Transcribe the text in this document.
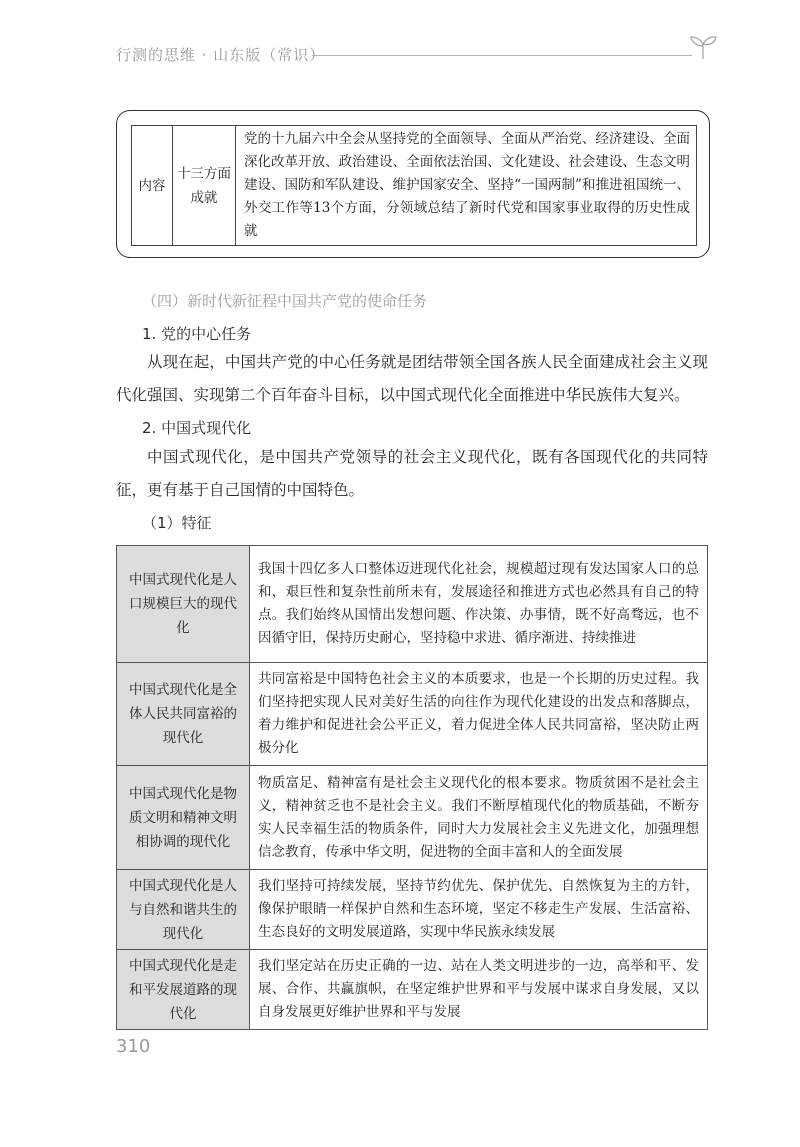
行测的思维 · 山东版（常识）
内容	十三方面成就	党的十九届六中全会从坚持党的全面领导、全面从严治党、经济建设、全面深化改革开放、政治建设、全面依法治国、文化建设、社会建设、生态文明建设、国防和军队建设、维护国家安全、坚持“一国两制”和推进祖国统一、外交工作等13个方面，分领域总结了新时代党和国家事业取得的历史性成就
（四）新时代新征程中国共产党的使命任务
1. 党的中心任务
从现在起，中国共产党的中心任务就是团结带领全国各族人民全面建成社会主义现代化强国、实现第二个百年奋斗目标，以中国式现代化全面推进中华民族伟大复兴。
2. 中国式现代化
中国式现代化，是中国共产党领导的社会主义现代化，既有各国现代化的共同特征，更有基于自己国情的中国特色。
（1）特征
中国式现代化是人口规模巨大的现代化	我国十四亿多人口整体迈进现代化社会，规模超过现有发达国家人口的总和，艰巨性和复杂性前所未有，发展途径和推进方式也必然具有自己的特点。我们始终从国情出发想问题、作决策、办事情，既不好高骛远，也不因循守旧，保持历史耐心，坚持稳中求进、循序渐进、持续推进
中国式现代化是全体人民共同富裕的现代化	共同富裕是中国特色社会主义的本质要求，也是一个长期的历史过程。我们坚持把实现人民对美好生活的向往作为现代化建设的出发点和落脚点，着力维护和促进社会公平正义，着力促进全体人民共同富裕，坚决防止两极分化
中国式现代化是物质文明和精神文明相协调的现代化	物质富足、精神富有是社会主义现代化的根本要求。物质贫困不是社会主义，精神贫乏也不是社会主义。我们不断厚植现代化的物质基础，不断夯实人民幸福生活的物质条件，同时大力发展社会主义先进文化，加强理想信念教育，传承中华文明，促进物的全面丰富和人的全面发展
中国式现代化是人与自然和谐共生的现代化	我们坚持可持续发展，坚持节约优先、保护优先、自然恢复为主的方针，像保护眼睛一样保护自然和生态环境，坚定不移走生产发展、生活富裕、生态良好的文明发展道路，实现中华民族永续发展
中国式现代化是走和平发展道路的现代化	我们坚定站在历史正确的一边、站在人类文明进步的一边，高举和平、发展、合作、共赢旗帜，在坚定维护世界和平与发展中谋求自身发展，又以自身发展更好维护世界和平与发展
310
